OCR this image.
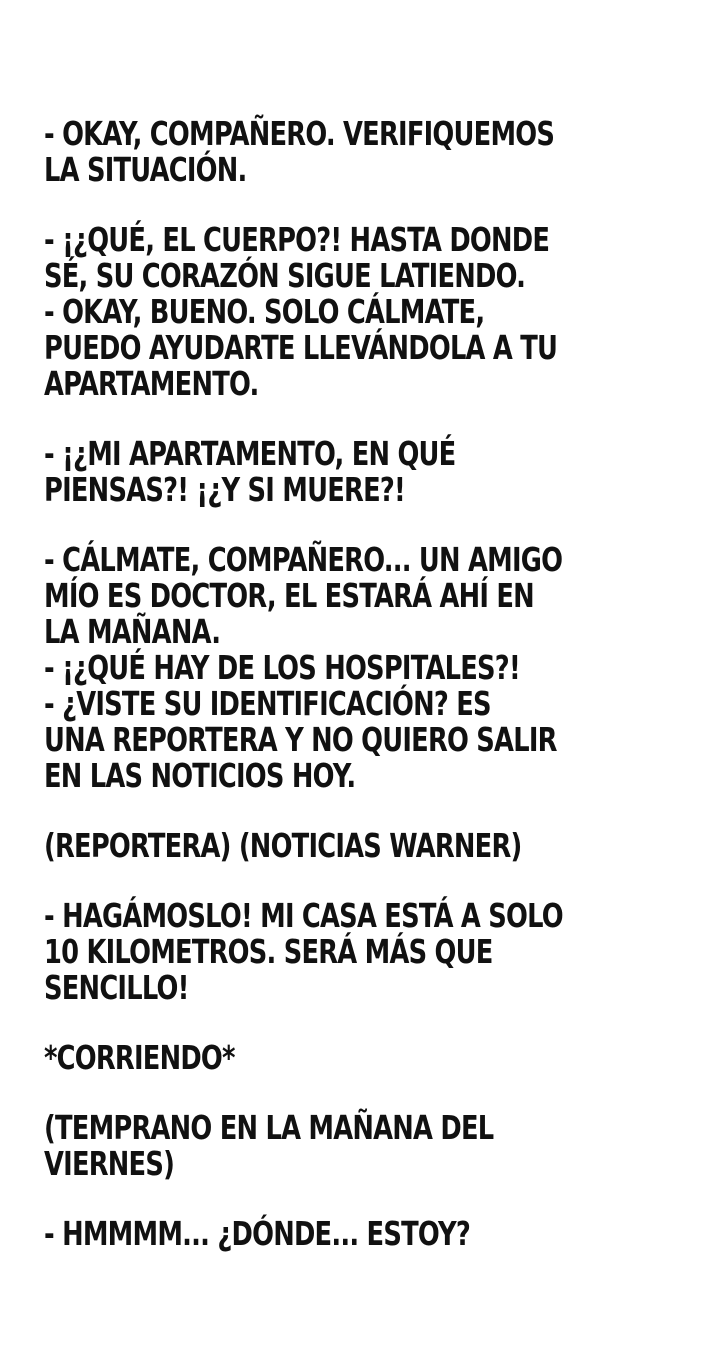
- OKAY, COMPAÑERO. VERIFIQUEMOS
LA SITUACIÓN.

- ¡¿QUÉ, EL CUERPO?! HASTA DONDE
SÉ, SU CORAZÓN SIGUE LATIENDO.
- OKAY, BUENO. SOLO CÁLMATE,
PUEDO AYUDARTE LLEVÁNDOLA A TU
APARTAMENTO.

- ¡¿MI APARTAMENTO, EN QUÉ
PIENSAS?! ¡¿Y SI MUERE?!

- CÁLMATE, COMPAÑERO... UN AMIGO
MÍO ES DOCTOR, EL ESTARÁ AHÍ EN
LA MAÑANA.
- ¡¿QUÉ HAY DE LOS HOSPITALES?!
- ¿VISTE SU IDENTIFICACIÓN? ES
UNA REPORTERA Y NO QUIERO SALIR
EN LAS NOTICIOS HOY.

(REPORTERA) (NOTICIAS WARNER)

- HAGÁMOSLO! MI CASA ESTÁ A SOLO
10 KILOMETROS. SERÁ MÁS QUE
SENCILLO!

*CORRIENDO*

(TEMPRANO EN LA MAÑANA DEL
VIERNES)

- HMMMM... ¿DÓNDE... ESTOY?
